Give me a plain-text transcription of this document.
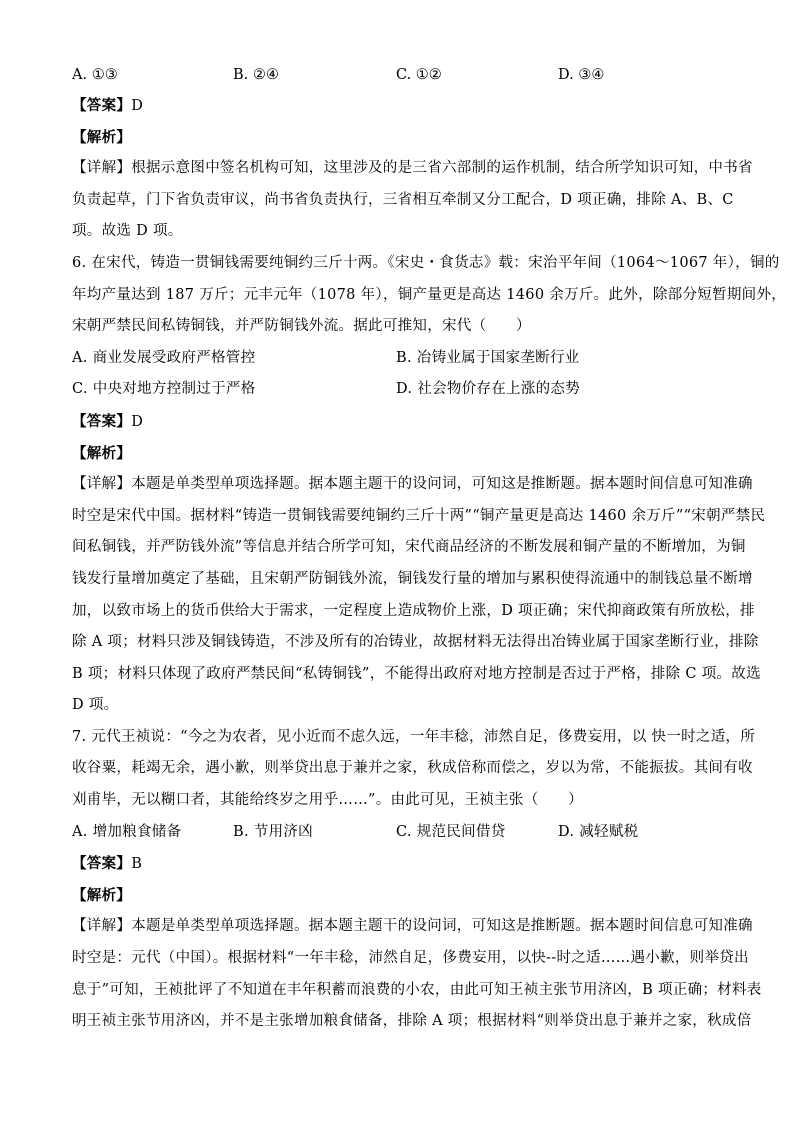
A. ①③	B. ②④	C. ①②	D. ③④
【答案】D
【解析】
【详解】根据示意图中签名机构可知，这里涉及的是三省六部制的运作机制，结合所学知识可知，中书省
负责起草，门下省负责审议，尚书省负责执行，三省相互牵制又分工配合，D 项正确，排除 A、B、C
项。故选 D 项。
6. 在宋代，铸造一贯铜钱需要纯铜约三斤十两。《宋史・食货志》载：宋治平年间（1064～1067 年），铜的
年均产量达到 187 万斤；元丰元年（1078 年），铜产量更是高达 1460 余万斤。此外，除部分短暂期间外，
宋朝严禁民间私铸铜钱，并严防铜钱外流。据此可推知，宋代（　　）
A. 商业发展受政府严格管控	B. 冶铸业属于国家垄断行业
C. 中央对地方控制过于严格	D. 社会物价存在上涨的态势
【答案】D
【解析】
【详解】本题是单类型单项选择题。据本题主题干的设问词，可知这是推断题。据本题时间信息可知准确
时空是宋代中国。据材料“铸造一贯铜钱需要纯铜约三斤十两”“铜产量更是高达 1460 余万斤”“宋朝严禁民
间私铜钱，并严防钱外流”等信息并结合所学可知，宋代商品经济的不断发展和铜产量的不断增加，为铜
钱发行量增加奠定了基础，且宋朝严防铜钱外流，铜钱发行量的增加与累积使得流通中的制钱总量不断增
加，以致市场上的货币供给大于需求，一定程度上造成物价上涨，D 项正确；宋代抑商政策有所放松，排
除 A 项；材料只涉及铜钱铸造，不涉及所有的冶铸业，故据材料无法得出冶铸业属于国家垄断行业，排除
B 项；材料只体现了政府严禁民间“私铸铜钱”，不能得出政府对地方控制是否过于严格，排除 C 项。故选
D 项。
7. 元代王祯说：“今之为农者，见小近而不虑久远，一年丰稔，沛然自足，侈费妄用，以 快一时之适，所
收谷粟，耗竭无余，遇小歉，则举贷出息于兼并之家，秋成倍称而偿之，岁以为常，不能振拔。其间有收
刈甫毕，无以糊口者，其能给终岁之用乎……”。由此可见，王祯主张（　　）
A. 增加粮食储备	B. 节用济凶	C. 规范民间借贷	D. 减轻赋税
【答案】B
【解析】
【详解】本题是单类型单项选择题。据本题主题干的设问词，可知这是推断题。据本题时间信息可知准确
时空是：元代（中国）。根据材料“一年丰稔，沛然自足，侈费妄用，以快--时之适……遇小歉，则举贷出
息于”可知，王祯批评了不知道在丰年积蓄而浪费的小农，由此可知王祯主张节用济凶，B 项正确；材料表
明王祯主张节用济凶，并不是主张增加粮食储备，排除 A 项；根据材料“则举贷出息于兼并之家，秋成倍
